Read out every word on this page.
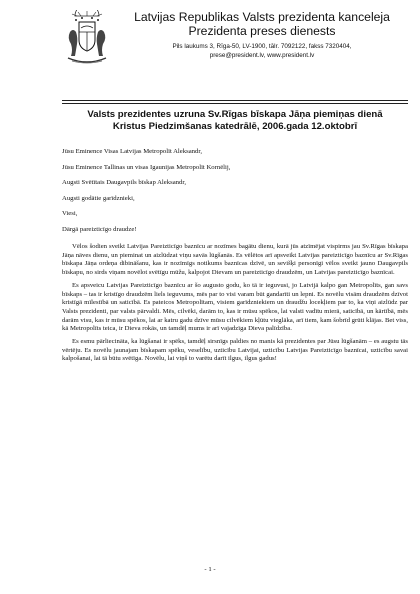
Latvijas Republikas Valsts prezidenta kanceleja
Prezidenta preses dienests
Pils laukums 3, Rīga-50, LV-1900, tālr. 7092122, fakss 7320404,
prese@president.lv, www.president.lv
Valsts prezidentes uzruna Sv.Rīgas bīskapa Jāņa piemiņas dienā
Kristus Piedzimšanas katedrālē, 2006.gada 12.oktobrī
Jūsu Eminence Visas Latvijas Metropolīt Aleksandr,
Jūsu Eminence Tallinas un visas Igaunijas Metropolīt Kornēlij,
Augsti Svētītais Daugavpils bīskap Aleksandr,
Augsti godātie garīdznieki,
Viesi,
Dārgā pareizticīgo draudze!

Vēlos šodien sveikt Latvijas Pareizticīgo baznīcu ar nozīmes bagātu dienu, kurā jūs atzīmējat vispirms jau Sv.Rīgas bīskapa Jāņa nāves dienu, un pieminat un aizlūdzat viņu savās lūgšanās. Es vēlētos arī apsveikt Latvijas pareizticīgo baznīcu ar Sv.Rīgas bīskapa Jāņa ordeņa dibināšanu, kas ir nozīmīgs notikums baznīcas dzīvē, un sevišķi personīgi vēlos sveikt jauno Daugavpils bīskapu, no sirds viņam novēlot svētīgu mūžu, kalpojot Dievam un pareizticīgo draudzēm, un Latvijas pareizticīgo baznīcai.

Es apsveicu Latvijas Pareizticīgo baznīcu ar šo augusto godu, ko tā ir ieguvusi, jo Latvijā kalpo gan Metropolīts, gan savs bīskaps – tas ir kristīgo draudzēm liels ieguvums, mēs par to visi varam būt gandarīti un lepni. Es novēlu visām draudzēm dzīvot kristīgā mīlestībā un saticībā. Es pateicos Metropolītam, visiem garīdzniekiem un draudžu locekļiem par to, ka viņi aizlūdz par Valsts prezidenti, par valsts pārvaldi. Mēs, cilvēki, darām to, kas ir mūsu spēkos, lai valsti vadītu mierā, saticībā, un kārtībā, mēs darām visu, kas ir mūsu spēkos, lai ar katru gadu dzīve mūsu cilvēkiem kļūtu vieglāka, arī tiem, kam šobrīd grūti klājas. Bet viss, kā Metropolīts teica, ir Dieva rokās, un tamdēļ mums ir arī vajadzīga Dieva palīdzība.

Es esmu pārliecināta, ka lūgšanai ir spēks, tamdēļ sirsnīgs paldies no manis kā prezidentes par Jūsu lūgšanām – es augstu tās vērtēju. Es novēlu jaunajam bīskapam spēku, veselību, uzticību Latvijai, uzticību Latvijas Pareizticīgo baznīcai, uzticību savai kalpošanai, lai tā būtu svētīga. Novēlu, lai viņš to varētu darīt ilgus, ilgus gadus!

- 1 -
